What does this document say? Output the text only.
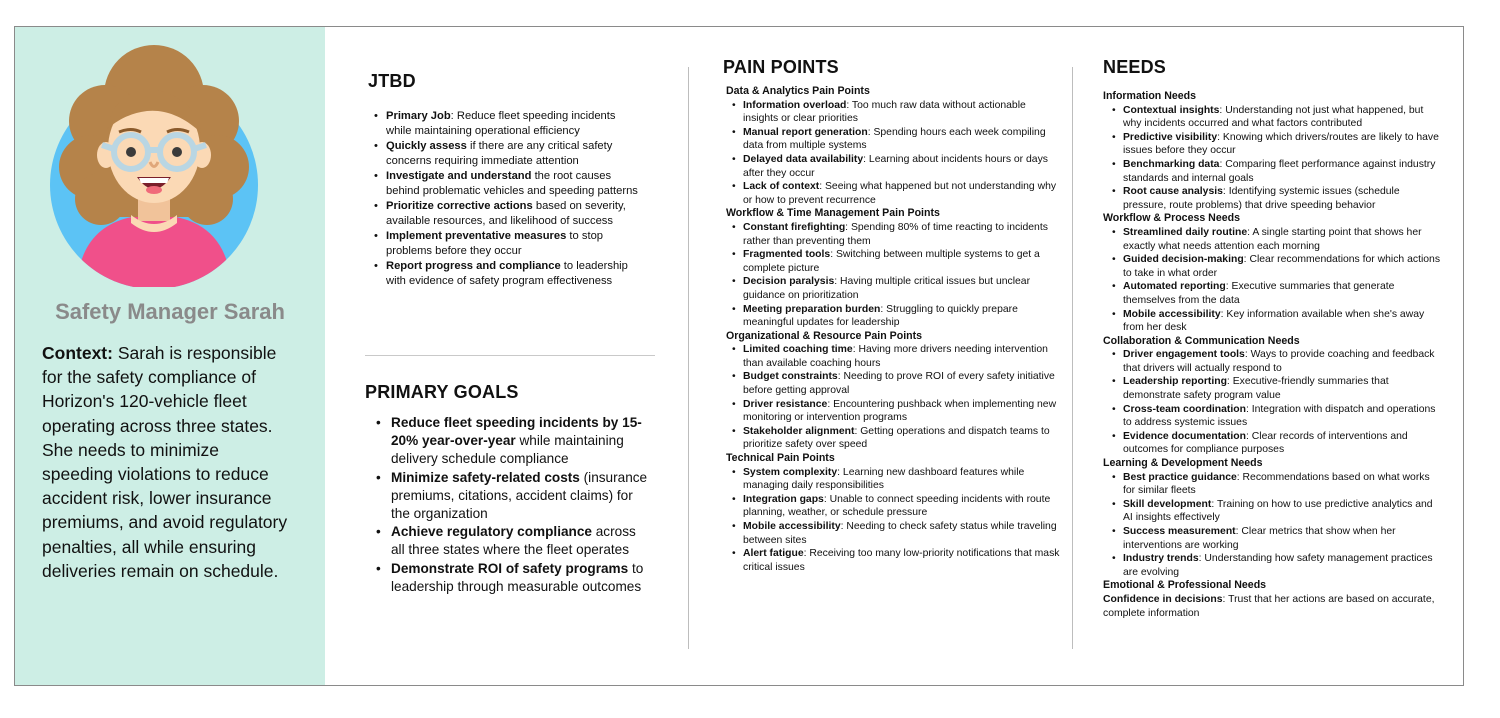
Safety Manager Sarah
Context: Sarah is responsible for the safety compliance of Horizon's 120-vehicle fleet operating across three states. She needs to minimize speeding violations to reduce accident risk, lower insurance premiums, and avoid regulatory penalties, all while ensuring deliveries remain on schedule.
JTBD
• Primary Job: Reduce fleet speeding incidents while maintaining operational efficiency
• Quickly assess if there are any critical safety concerns requiring immediate attention
• Investigate and understand the root causes behind problematic vehicles and speeding patterns
• Prioritize corrective actions based on severity, available resources, and likelihood of success
• Implement preventative measures to stop problems before they occur
• Report progress and compliance to leadership with evidence of safety program effectiveness
PRIMARY GOALS
• Reduce fleet speeding incidents by 15-20% year-over-year while maintaining delivery schedule compliance
• Minimize safety-related costs (insurance premiums, citations, accident claims) for the organization
• Achieve regulatory compliance across all three states where the fleet operates
• Demonstrate ROI of safety programs to leadership through measurable outcomes
PAIN POINTS
Data & Analytics Pain Points
• Information overload: Too much raw data without actionable insights or clear priorities
• Manual report generation: Spending hours each week compiling data from multiple systems
• Delayed data availability: Learning about incidents hours or days after they occur
• Lack of context: Seeing what happened but not understanding why or how to prevent recurrence
Workflow & Time Management Pain Points
• Constant firefighting: Spending 80% of time reacting to incidents rather than preventing them
• Fragmented tools: Switching between multiple systems to get a complete picture
• Decision paralysis: Having multiple critical issues but unclear guidance on prioritization
• Meeting preparation burden: Struggling to quickly prepare meaningful updates for leadership
Organizational & Resource Pain Points
• Limited coaching time: Having more drivers needing intervention than available coaching hours
• Budget constraints: Needing to prove ROI of every safety initiative before getting approval
• Driver resistance: Encountering pushback when implementing new monitoring or intervention programs
• Stakeholder alignment: Getting operations and dispatch teams to prioritize safety over speed
Technical Pain Points
• System complexity: Learning new dashboard features while managing daily responsibilities
• Integration gaps: Unable to connect speeding incidents with route planning, weather, or schedule pressure
• Mobile accessibility: Needing to check safety status while traveling between sites
• Alert fatigue: Receiving too many low-priority notifications that mask critical issues
NEEDS
Information Needs
• Contextual insights: Understanding not just what happened, but why incidents occurred and what factors contributed
• Predictive visibility: Knowing which drivers/routes are likely to have issues before they occur
• Benchmarking data: Comparing fleet performance against industry standards and internal goals
• Root cause analysis: Identifying systemic issues (schedule pressure, route problems) that drive speeding behavior
Workflow & Process Needs
• Streamlined daily routine: A single starting point that shows her exactly what needs attention each morning
• Guided decision-making: Clear recommendations for which actions to take in what order
• Automated reporting: Executive summaries that generate themselves from the data
• Mobile accessibility: Key information available when she's away from her desk
Collaboration & Communication Needs
• Driver engagement tools: Ways to provide coaching and feedback that drivers will actually respond to
• Leadership reporting: Executive-friendly summaries that demonstrate safety program value
• Cross-team coordination: Integration with dispatch and operations to address systemic issues
• Evidence documentation: Clear records of interventions and outcomes for compliance purposes
Learning & Development Needs
• Best practice guidance: Recommendations based on what works for similar fleets
• Skill development: Training on how to use predictive analytics and AI insights effectively
• Success measurement: Clear metrics that show when her interventions are working
• Industry trends: Understanding how safety management practices are evolving
Emotional & Professional Needs
Confidence in decisions: Trust that her actions are based on accurate, complete information
